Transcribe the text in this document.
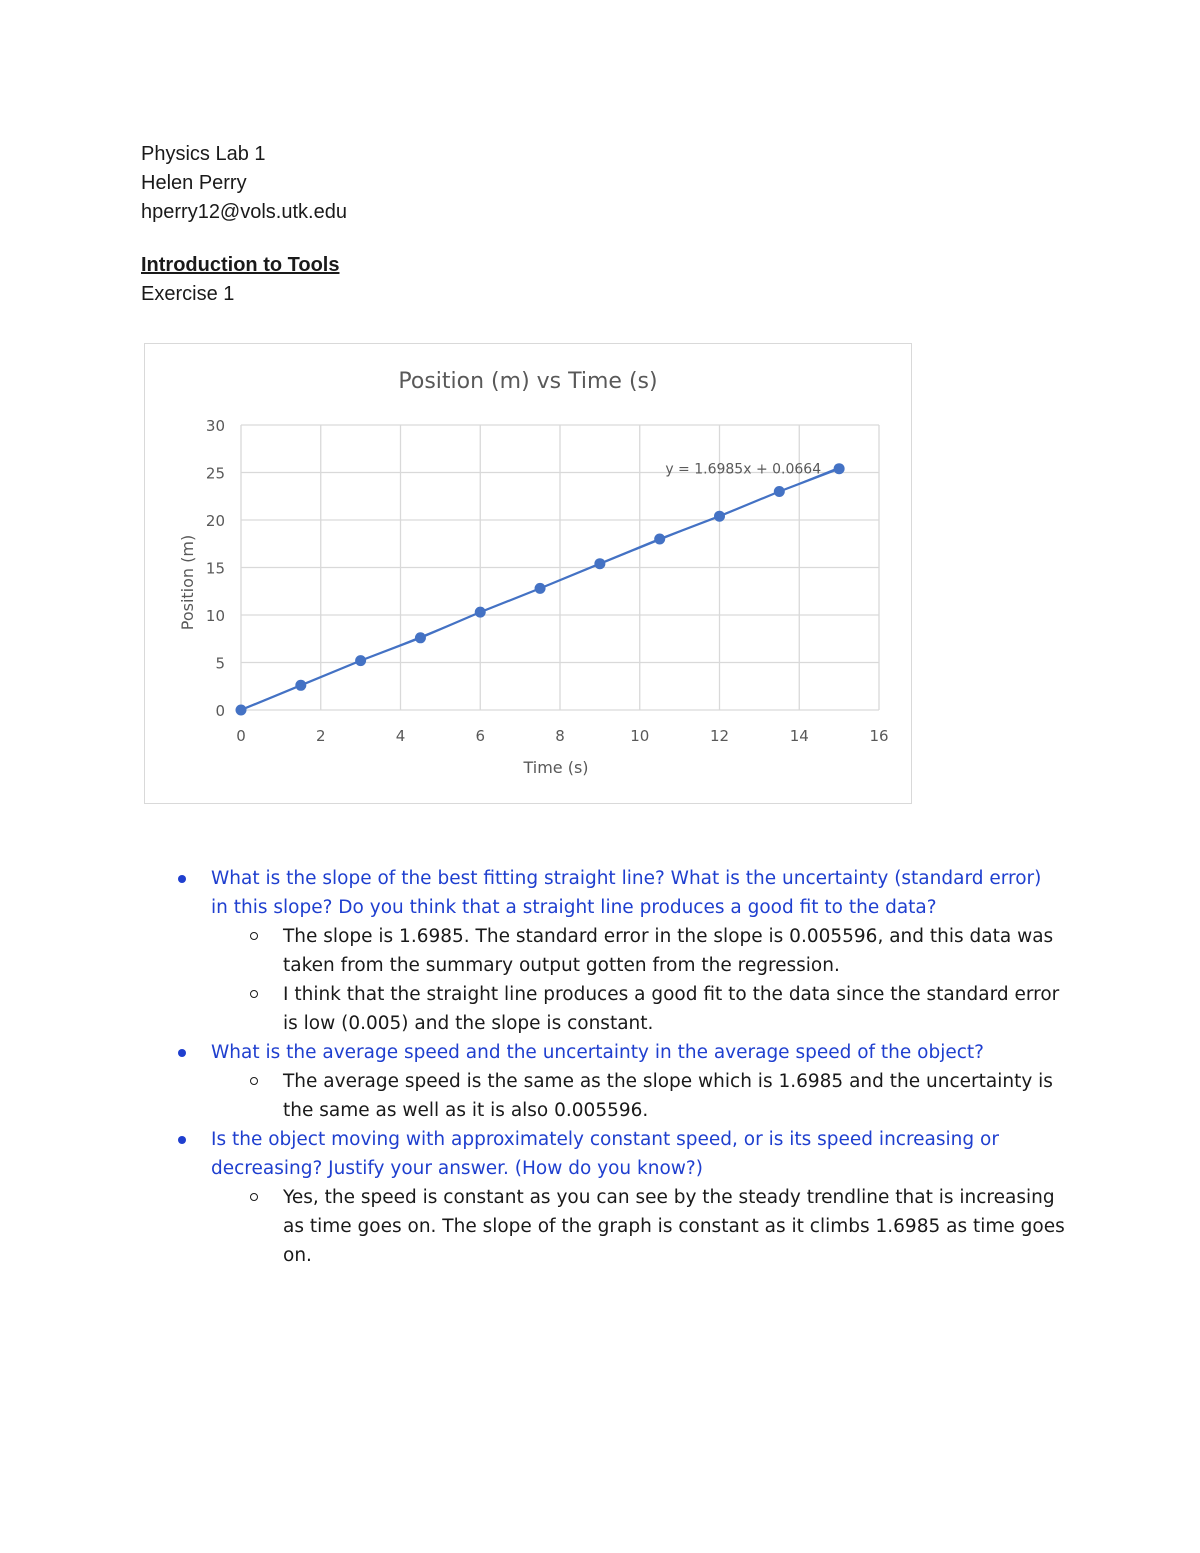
Physics Lab 1
Helen Perry
hperry12@vols.utk.edu
Introduction to Tools
Exercise 1
0
5
10
15
20
25
30
0	2	4	6	8	10	12	14	16
Position (m) vs Time (s)
Time (s)
Position (m)
y = 1.6985x + 0.0664
What is the slope of the best fitting straight line? What is the uncertainty (standard error) in this slope? Do you think that a straight line produces a good fit to the data?
The slope is 1.6985. The standard error in the slope is 0.005596, and this data was taken from the summary output gotten from the regression.
I think that the straight line produces a good fit to the data since the standard error is low (0.005) and the slope is constant.
What is the average speed and the uncertainty in the average speed of the object?
The average speed is the same as the slope which is 1.6985 and the uncertainty is the same as well as it is also 0.005596.
Is the object moving with approximately constant speed, or is its speed increasing or decreasing? Justify your answer. (How do you know?)
Yes, the speed is constant as you can see by the steady trendline that is increasing as time goes on. The slope of the graph is constant as it climbs 1.6985 as time goes on.
